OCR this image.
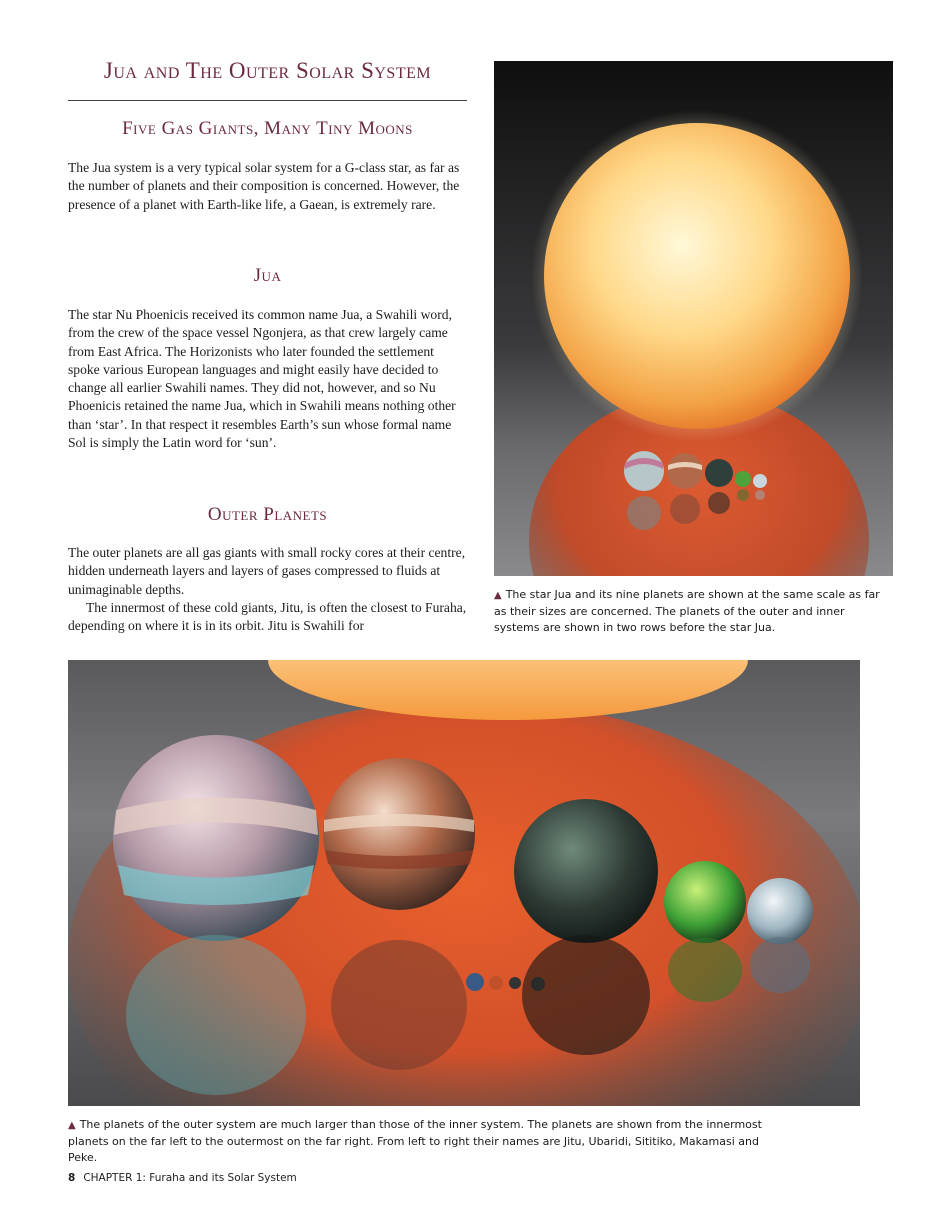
Jua and The Outer Solar System
Five Gas Giants, Many Tiny Moons

The Jua system is a very typical solar system for a G-class star, as far as the number of planets and their composition is concerned. However, the presence of a planet with Earth-like life, a Gaean, is extremely rare.

Jua

The star Nu Phoenicis received its common name Jua, a Swahili word, from the crew of the space vessel Ngonjera, as that crew largely came from East Africa. The Horizonists who later founded the settlement spoke various European languages and might easily have decided to change all earlier Swahili names. They did not, however, and so Nu Phoenicis retained the name Jua, which in Swahili means nothing other than ‘star’. In that respect it resembles Earth’s sun whose formal name Sol is simply the Latin word for ‘sun’.

Outer Planets

The outer planets are all gas giants with small rocky cores at their centre, hidden underneath layers and layers of gases compressed to fluids at unimaginable depths.

The innermost of these cold giants, Jitu, is often the closest to Furaha, depending on where it is in its orbit. Jitu is Swahili for

▲ The star Jua and its nine planets are shown at the same scale as far as their sizes are concerned. The planets of the outer and inner systems are shown in two rows before the star Jua.

▲ The planets of the outer system are much larger than those of the inner system. The planets are shown from the innermost planets on the far left to the outermost on the far right. From left to right their names are Jitu, Ubaridi, Sititiko, Makamasi and Peke.

8 CHAPTER 1: Furaha and its Solar System
